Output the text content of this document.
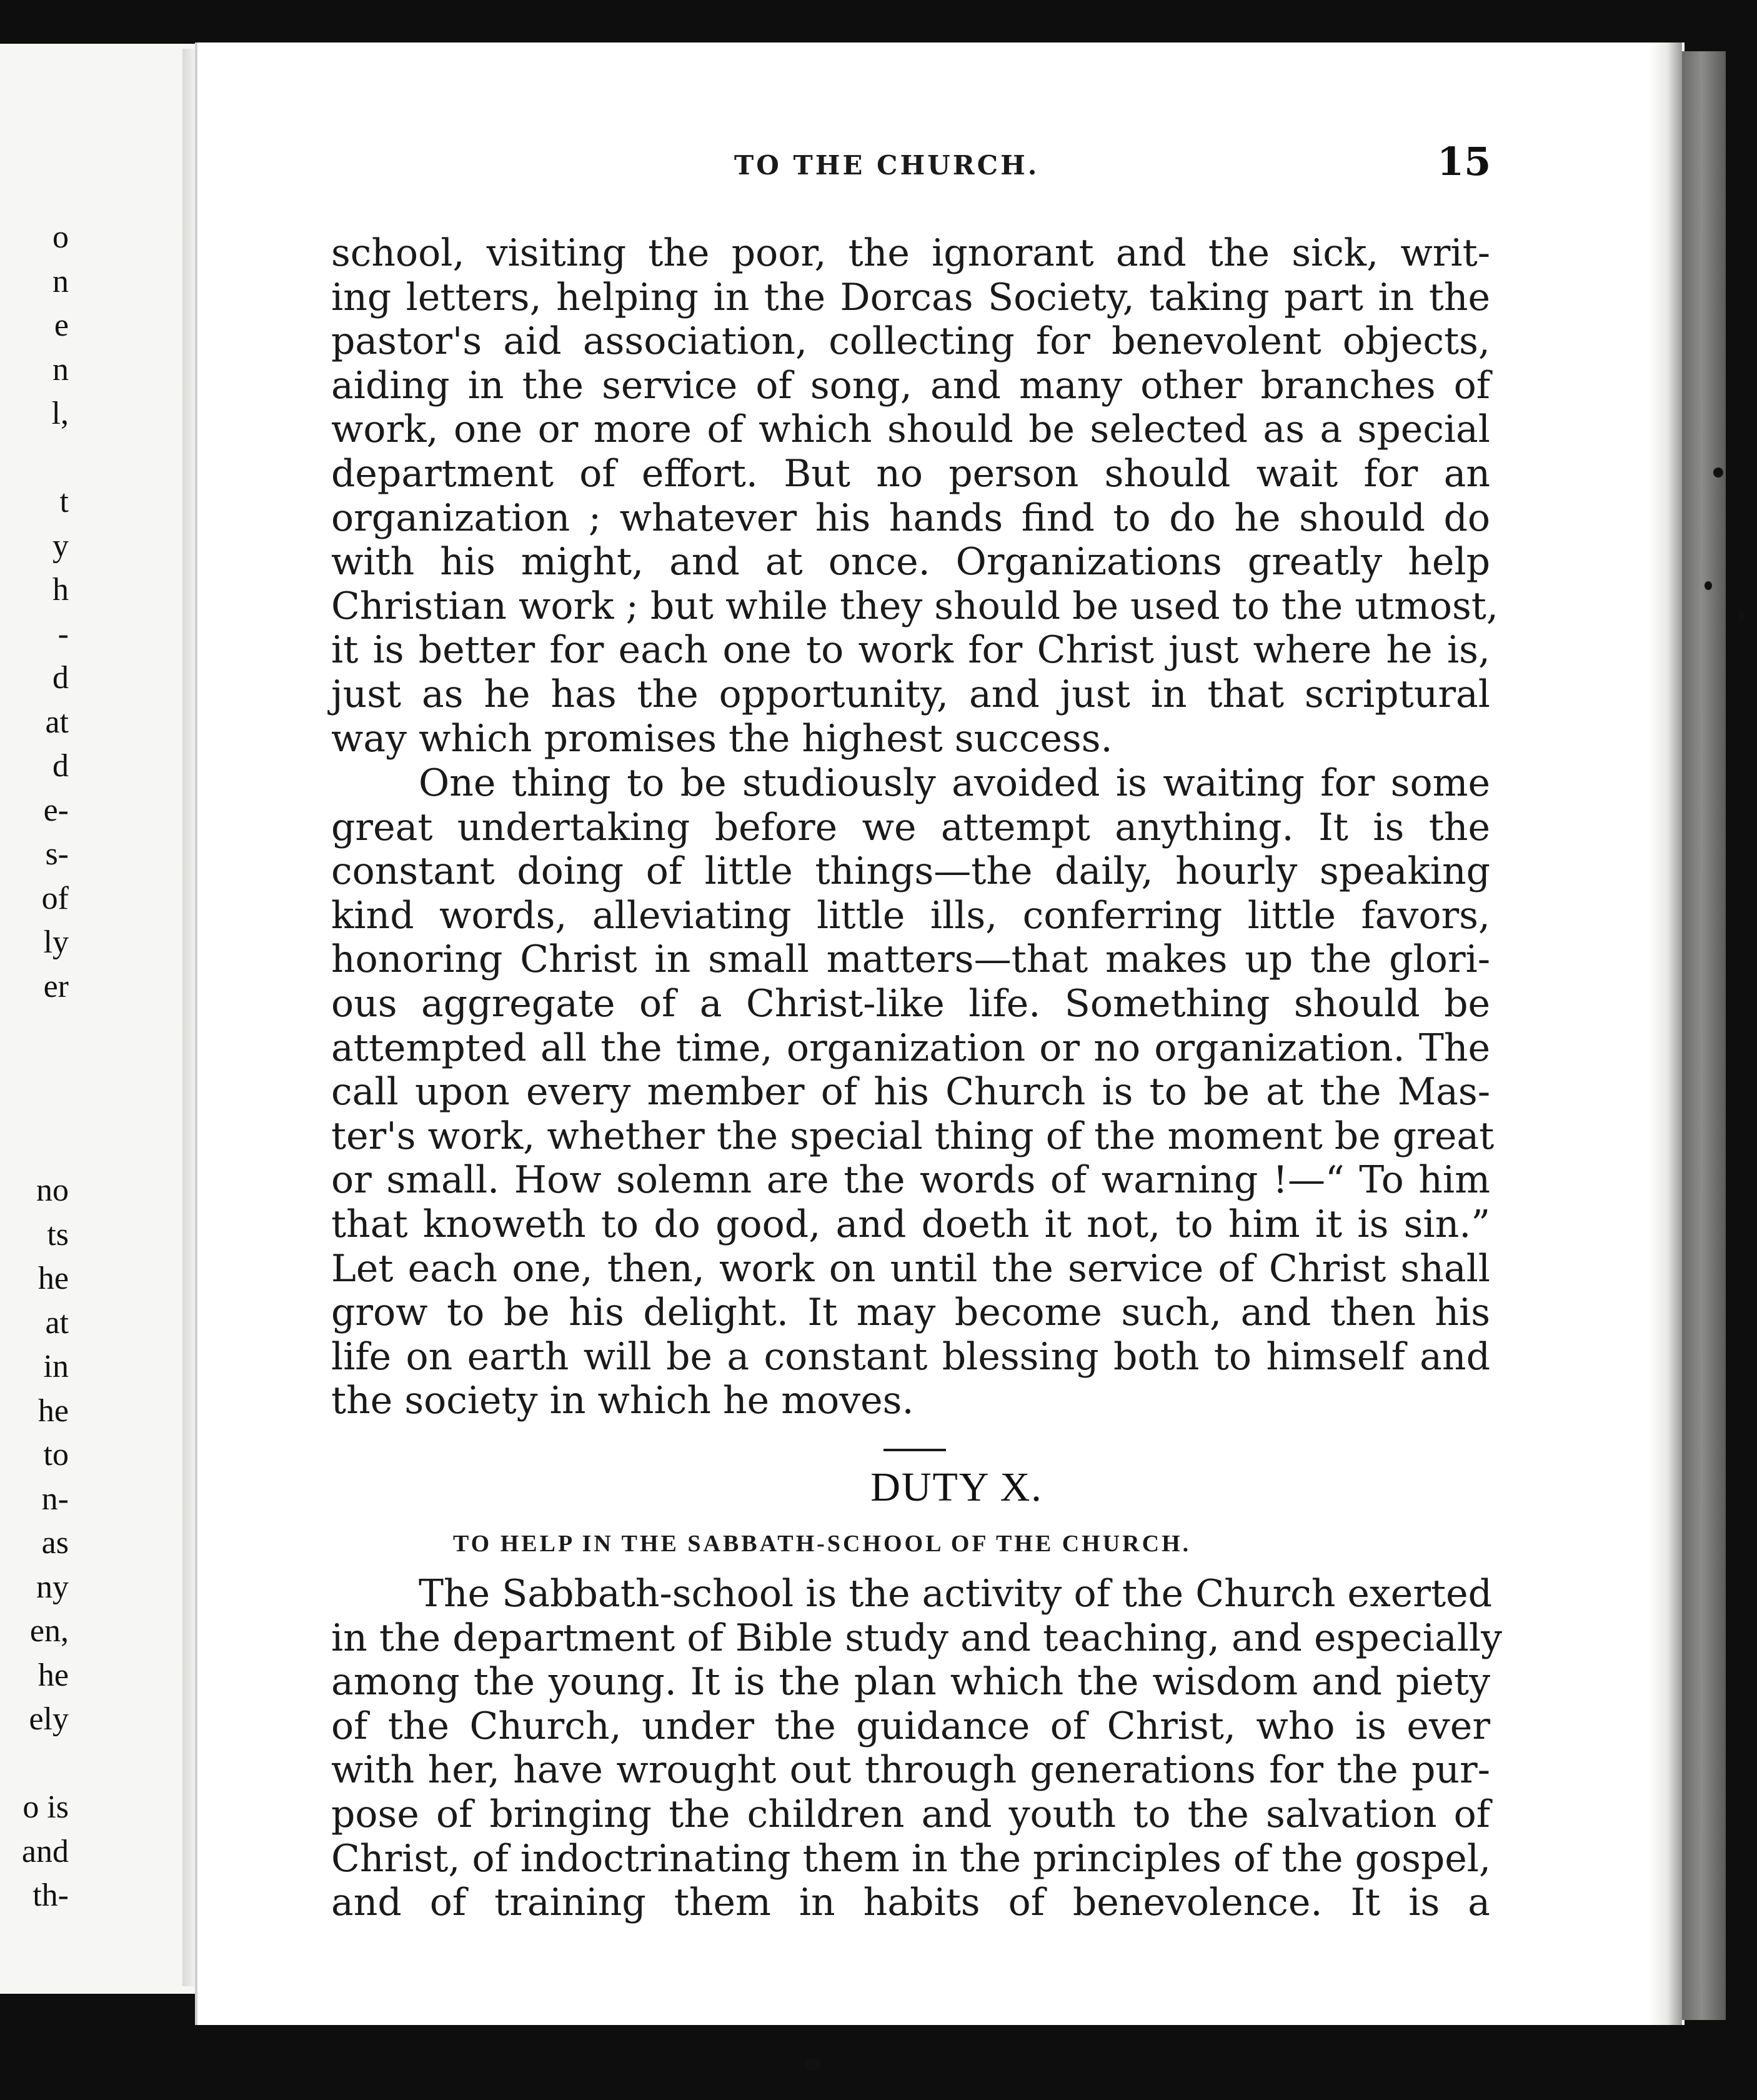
o
n
e
n
l,
t
y
h
-
d
at
d
e-
s-
of
ly
er
no
ts
he
at
in
he
to
n-
as
ny
en,
he
ely
o is
and
th-
TO THE CHURCH.	15
school, visiting the poor, the ignorant and the sick, writ-
ing letters, helping in the Dorcas Society, taking part in the
pastor's aid association, collecting for benevolent objects,
aiding in the service of song, and many other branches of
work, one or more of which should be selected as a special
department of effort. But no person should wait for an
organization ; whatever his hands find to do he should do
with his might, and at once. Organizations greatly help
Christian work ; but while they should be used to the utmost,
it is better for each one to work for Christ just where he is,
just as he has the opportunity, and just in that scriptural
way which promises the highest success.
One thing to be studiously avoided is waiting for some
great undertaking before we attempt anything. It is the
constant doing of little things—the daily, hourly speaking
kind words, alleviating little ills, conferring little favors,
honoring Christ in small matters—that makes up the glori-
ous aggregate of a Christ-like life. Something should be
attempted all the time, organization or no organization. The
call upon every member of his Church is to be at the Mas-
ter's work, whether the special thing of the moment be great
or small. How solemn are the words of warning !—“ To him
that knoweth to do good, and doeth it not, to him it is sin.”
Let each one, then, work on until the service of Christ shall
grow to be his delight. It may become such, and then his
life on earth will be a constant blessing both to himself and
the society in which he moves.
DUTY X.
TO HELP IN THE SABBATH-SCHOOL OF THE CHURCH.
The Sabbath-school is the activity of the Church exerted
in the department of Bible study and teaching, and especially
among the young. It is the plan which the wisdom and piety
of the Church, under the guidance of Christ, who is ever
with her, have wrought out through generations for the pur-
pose of bringing the children and youth to the salvation of
Christ, of indoctrinating them in the principles of the gospel,
and of training them in habits of benevolence. It is a
